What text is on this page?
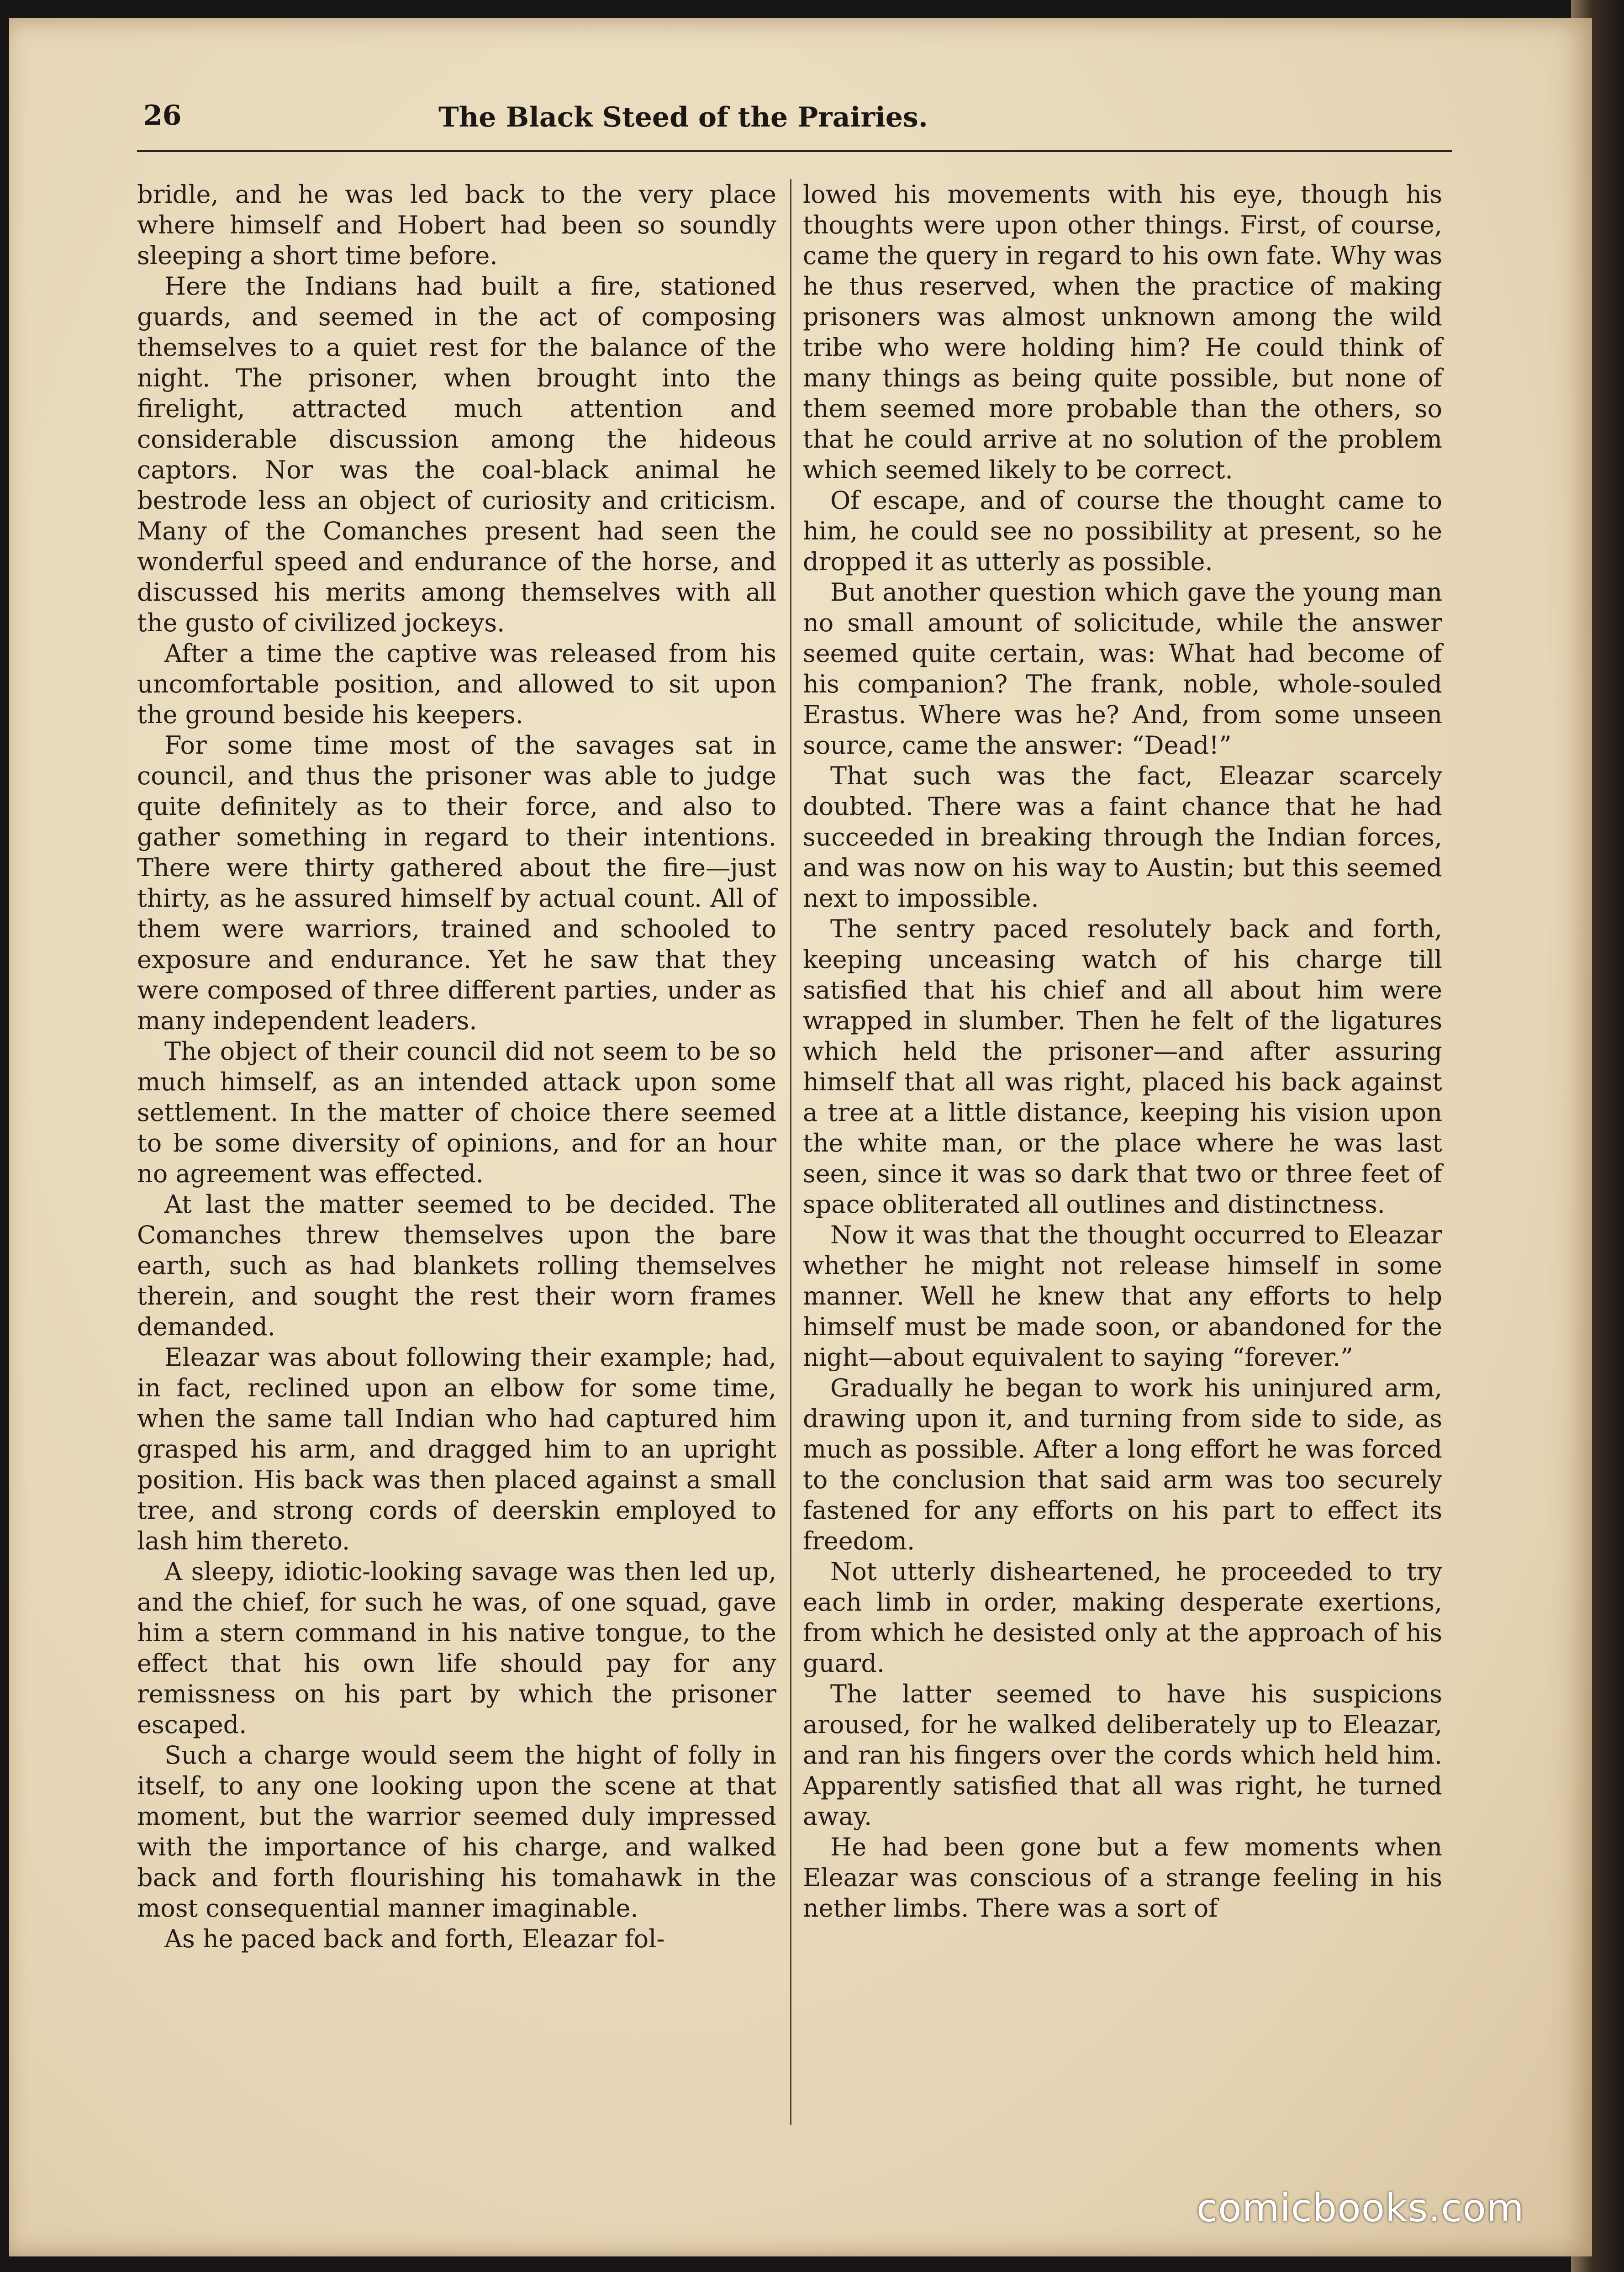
26	The Black Steed of the Prairies.

bridle, and he was led back to the very place where himself and Hobert had been so soundly sleeping a short time before.

Here the Indians had built a fire, stationed guards, and seemed in the act of composing themselves to a quiet rest for the balance of the night. The prisoner, when brought into the firelight, attracted much attention and considerable discussion among the hideous captors. Nor was the coal-black animal he bestrode less an object of curiosity and criticism. Many of the Comanches present had seen the wonderful speed and endurance of the horse, and discussed his merits among themselves with all the gusto of civilized jockeys.

After a time the captive was released from his uncomfortable position, and allowed to sit upon the ground beside his keepers.

For some time most of the savages sat in council, and thus the prisoner was able to judge quite definitely as to their force, and also to gather something in regard to their intentions. There were thirty gathered about the fire—just thirty, as he assured himself by actual count. All of them were warriors, trained and schooled to exposure and endurance. Yet he saw that they were composed of three different parties, under as many independent leaders.

The object of their council did not seem to be so much himself, as an intended attack upon some settlement. In the matter of choice there seemed to be some diversity of opinions, and for an hour no agreement was effected.

At last the matter seemed to be decided. The Comanches threw themselves upon the bare earth, such as had blankets rolling themselves therein, and sought the rest their worn frames demanded.

Eleazar was about following their example; had, in fact, reclined upon an elbow for some time, when the same tall Indian who had captured him grasped his arm, and dragged him to an upright position. His back was then placed against a small tree, and strong cords of deerskin employed to lash him thereto.

A sleepy, idiotic-looking savage was then led up, and the chief, for such he was, of one squad, gave him a stern command in his native tongue, to the effect that his own life should pay for any remissness on his part by which the prisoner escaped.

Such a charge would seem the hight of folly in itself, to any one looking upon the scene at that moment, but the warrior seemed duly impressed with the importance of his charge, and walked back and forth flourishing his tomahawk in the most consequential manner imaginable.

As he paced back and forth, Eleazar fol-

lowed his movements with his eye, though his thoughts were upon other things. First, of course, came the query in regard to his own fate. Why was he thus reserved, when the practice of making prisoners was almost unknown among the wild tribe who were holding him? He could think of many things as being quite possible, but none of them seemed more probable than the others, so that he could arrive at no solution of the problem which seemed likely to be correct.

Of escape, and of course the thought came to him, he could see no possibility at present, so he dropped it as utterly as possible.

But another question which gave the young man no small amount of solicitude, while the answer seemed quite certain, was: What had become of his companion? The frank, noble, whole-souled Erastus. Where was he? And, from some unseen source, came the answer: “Dead!”

That such was the fact, Eleazar scarcely doubted. There was a faint chance that he had succeeded in breaking through the Indian forces, and was now on his way to Austin; but this seemed next to impossible.

The sentry paced resolutely back and forth, keeping unceasing watch of his charge till satisfied that his chief and all about him were wrapped in slumber. Then he felt of the ligatures which held the prisoner—and after assuring himself that all was right, placed his back against a tree at a little distance, keeping his vision upon the white man, or the place where he was last seen, since it was so dark that two or three feet of space obliterated all outlines and distinctness.

Now it was that the thought occurred to Eleazar whether he might not release himself in some manner. Well he knew that any efforts to help himself must be made soon, or abandoned for the night—about equivalent to saying “forever.”

Gradually he began to work his uninjured arm, drawing upon it, and turning from side to side, as much as possible. After a long effort he was forced to the conclusion that said arm was too securely fastened for any efforts on his part to effect its freedom.

Not utterly disheartened, he proceeded to try each limb in order, making desperate exertions, from which he desisted only at the approach of his guard.

The latter seemed to have his suspicions aroused, for he walked deliberately up to Eleazar, and ran his fingers over the cords which held him. Apparently satisfied that all was right, he turned away.

He had been gone but a few moments when Eleazar was conscious of a strange feeling in his nether limbs. There was a sort of

comicbooks.com
